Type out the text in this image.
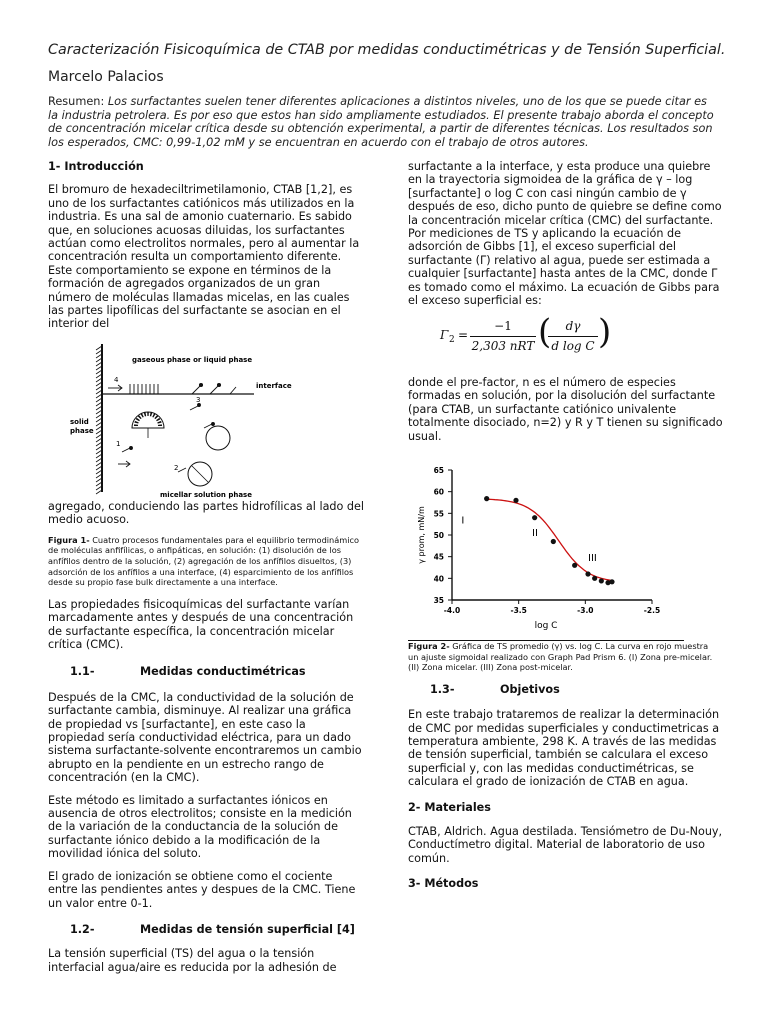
Caracterización Fisicoquímica de CTAB por medidas conductimétricas y de Tensión Superficial.
Marcelo Palacios
Resumen: Los surfactantes suelen tener diferentes aplicaciones a distintos niveles, uno de los que se puede citar es la industria petrolera. Es por eso que estos han sido ampliamente estudiados. El presente trabajo aborda el concepto de concentración micelar crítica desde su obtención experimental, a partir de diferentes técnicas. Los resultados son los esperados, CMC: 0,99-1,02 mM y se encuentran en acuerdo con el trabajo de otros autores.
1- Introducción

El bromuro de hexadeciltrimetilamonio, CTAB [1,2], es uno de los surfactantes catiónicos más utilizados en la industria. Es una sal de amonio cuaternario. Es sabido que, en soluciones acuosas diluidas, los surfactantes actúan como electrolitos normales, pero al aumentar la concentración resulta un comportamiento diferente. Este comportamiento se expone en términos de la formación de agregados organizados de un gran número de moléculas llamadas micelas, en las cuales las partes lipofílicas del surfactante se asocian en el interior del

gaseous phase or liquid phase
interface
solid
phase
micellar solution phase
4
3
1
2

agregado, conduciendo las partes hidrofílicas al lado del medio acuoso.

Figura 1- Cuatro procesos fundamentales para el equilibrio termodinámico de moléculas anfifílicas, o anfipáticas, en solución: (1) disolución de los anfífilos dentro de la solución, (2) agregación de los anfífilos disueltos, (3) adsorción de los anfífilos a una interface, (4) esparcimiento de los anfífilos desde su propio fase bulk directamente a una interface.

Las propiedades fisicoquímicas del surfactante varían marcadamente antes y después de una concentración de surfactante específica, la concentración micelar crítica (CMC).

1.1-	Medidas conductimétricas

Después de la CMC, la conductividad de la solución de surfactante cambia, disminuye. Al realizar una gráfica de propiedad vs [surfactante], en este caso la propiedad sería conductividad eléctrica, para un dado sistema surfactante-solvente encontraremos un cambio abrupto en la pendiente en un estrecho rango de concentración (en la CMC).

Este método es limitado a surfactantes iónicos en ausencia de otros electrolitos; consiste en la medición de la variación de la conductancia de la solución de surfactante iónico debido a la modificación de la movilidad iónica del soluto.

El grado de ionización se obtiene como el cociente entre las pendientes antes y despues de la CMC. Tiene un valor entre 0-1.

1.2-	Medidas de tensión superficial [4]

La tensión superficial (TS) del agua o la tensión interfacial agua/aire es reducida por la adhesión de

surfactante a la interface, y esta produce una quiebre en la trayectoria sigmoidea de la gráfica de γ – log [surfactante] o log C con casi ningún cambio de γ después de eso, dicho punto de quiebre se define como la concentración micelar crítica (CMC) del surfactante. Por mediciones de TS y aplicando la ecuación de adsorción de Gibbs [1], el exceso superficial del surfactante (Γ) relativo al agua, puede ser estimada a cualquier [surfactante] hasta antes de la CMC, donde Γ es tomado como el máximo. La ecuación de Gibbs para el exceso superficial es:

Γ 2 =
−1
2,303 nRT (	dγ
d log C )

donde el pre-factor, n es el número de especies formadas en solución, por la disolución del surfactante (para CTAB, un surfactante catiónico univalente totalmente disociado, n=2) y R y T tienen su significado usual.

35
40
45
50
55
60
65
-4.0	-3.5	-3.0	-2.5
log C
γ prom, mN/m	I
II
III

Figura 2- Gráfica de TS promedio (γ) vs. log C. La curva en rojo muestra un ajuste sigmoidal realizado con Graph Pad Prism 6. (I) Zona pre-micelar. (II) Zona micelar. (III) Zona post-micelar.

1.3-	Objetivos

En este trabajo trataremos de realizar la determinación de CMC por medidas superficiales y conductimetricas a temperatura ambiente, 298 K. A través de las medidas de tensión superficial, también se calculara el exceso superficial y, con las medidas conductimétricas, se calculara el grado de ionización de CTAB en agua.

2- Materiales

CTAB, Aldrich. Agua destilada. Tensiómetro de Du-Nouy, Conductímetro digital. Material de laboratorio de uso común.

3- Métodos
